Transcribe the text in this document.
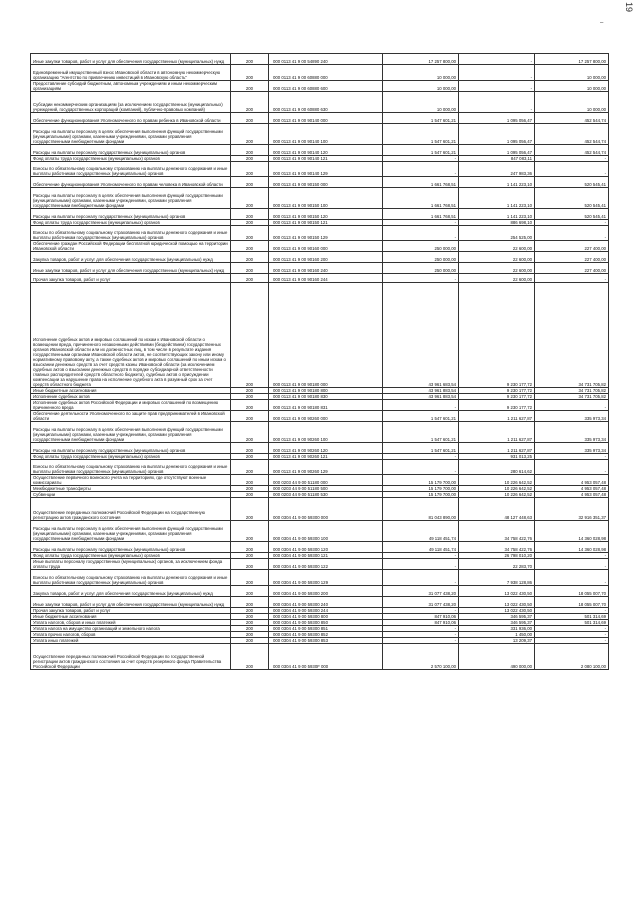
–
19
Иные закупки товаров, работ и услуг для обеспечения государственных (муниципальных) нужд	200	000 0113 41 9 00 54890 240	17 257 800,00	-	17 257 800,00
Единовременный имущественный взнос Ивановской области в автономную некоммерческую организацию "Агентство по привлечению инвестиций в Ивановскую область"	200	000 0113 41 9 00 60880 000	10 000,00	-	10 000,00
Предоставление субсидий бюджетным, автономным учреждениям и иным некоммерческим организациям	200	000 0113 41 9 00 60880 600	10 000,00	-	10 000,00
Субсидии некоммерческим организациям (за исключением государственных (муниципальных) учреждений, государственных корпораций (компаний), публично-правовых компаний)	200	000 0113 41 9 00 60880 630	10 000,00	-	10 000,00
Обеспечение функционирования Уполномоченного по правам ребенка в Ивановской области	200	000 0113 41 9 00 90140 000	1 547 601,21	1 095 056,47	452 544,74
Расходы на выплаты персоналу в целях обеспечения выполнения функций государственными (муниципальными) органами, казенными учреждениями, органами управления государственными внебюджетными фондами	200	000 0113 41 9 00 90140 100	1 547 601,21	1 095 056,47	452 544,74
Расходы на выплаты персоналу государственных (муниципальных) органов	200	000 0113 41 9 00 90140 120	1 547 601,21	1 095 056,47	452 544,74
Фонд оплаты труда государственных (муниципальных) органов	200	000 0113 41 9 00 90140 121	-	847 083,11	-
Взносы по обязательному социальному страхованию на выплаты денежного содержания и иные выплаты работникам государственных (муниципальных) органов	200	000 0113 41 9 00 90140 129	-	247 983,36	-
Обеспечение функционирования Уполномоченного по правам человека в Ивановской области	200	000 0113 41 9 00 90150 000	1 661 768,51	1 141 223,10	520 545,41
Расходы на выплаты персоналу в целях обеспечения выполнения функций государственными (муниципальными) органами, казенными учреждениями, органами управления государственными внебюджетными фондами	200	000 0113 41 9 00 90150 100	1 661 768,51	1 141 223,10	520 545,41
Расходы на выплаты персоналу государственных (муниципальных) органов	200	000 0113 41 9 00 90150 120	1 661 768,51	1 141 223,10	520 545,41
Фонд оплаты труда государственных (муниципальных) органов	200	000 0113 41 9 00 90150 121	-	886 698,10	-
Взносы по обязательному социальному страхованию на выплаты денежного содержания и иные выплаты работникам государственных (муниципальных) органов	200	000 0113 41 9 00 90150 129	-	254 525,00	-
Обеспечение граждан Российской Федерации бесплатной юридической помощью на территории Ивановской области	200	000 0113 41 9 00 90160 000	250 000,00	22 600,00	227 400,00
Закупка товаров, работ и услуг для обеспечения государственных (муниципальных) нужд	200	000 0113 41 9 00 90160 200	250 000,00	22 600,00	227 400,00
Иные закупки товаров, работ и услуг для обеспечения государственных (муниципальных) нужд	200	000 0113 41 9 00 90160 240	250 000,00	22 600,00	227 400,00
Прочая закупка товаров, работ и услуг	200	000 0113 41 9 00 90160 244	-	22 600,00	-
Исполнение судебных актов и мировых соглашений по искам к Ивановской области о возмещении вреда, причиненного незаконными действиями (бездействием) государственных органов Ивановской области или их должностных лиц, в том числе в результате издания государственными органами Ивановской области актов, не соответствующих закону или иному нормативному правовому акту, а также судебных актов и мировых соглашений по иным искам о взыскании денежных средств за счет средств казны Ивановской области (за исключением судебных актов о взыскании денежных средств в порядке субсидиарной ответственности главных распорядителей средств областного бюджета), судебных актов о присуждении компенсации за нарушение права на исполнение судебного акта в разумный срок за счет средств областного бюджета	200	000 0113 41 9 00 90180 000	43 961 683,54	9 230 177,72	34 731 705,82
Иные бюджетные ассигнования	200	000 0113 41 9 00 90180 800	43 961 883,54	9 230 177,72	34 731 705,82
Исполнение судебных актов	200	000 0113 41 9 00 90180 830	43 961 883,54	9 230 177,72	34 731 705,82
Исполнение судебных актов Российской Федерации и мировых соглашений по возмещению причиненного вреда	200	000 0113 41 9 00 90180 831	-	9 230 177,72	-
Обеспечение деятельности Уполномоченного по защите прав предпринимателей в Ивановской области	200	000 0113 41 9 00 90260 000	1 547 601,21	1 211 627,87	335 973,34
Расходы на выплаты персоналу в целях обеспечения выполнения функций государственными (муниципальными) органами, казенными учреждениями, органами управления государственными внебюджетными фондами	200	000 0113 41 9 00 90260 100	1 547 601,21	1 211 627,87	335 973,34
Расходы на выплаты персоналу государственных (муниципальных) органов	200	000 0113 41 9 00 90260 120	1 547 601,21	1 211 627,87	335 973,34
Фонд оплаты труда государственных (муниципальных) органов	200	000 0113 41 9 00 90260 121	-	931 013,25	-
Взносы по обязательному социальному страхованию на выплаты денежного содержания и иные выплаты работникам государственных (муниципальных) органов	200	000 0113 41 9 00 90260 129	-	280 614,62	-
Осуществление первичного воинского учета на территориях, где отсутствуют военные комиссариаты	200	000 0203 44 9 00 51180 000	15 179 700,00	10 226 642,52	4 953 057,48
Межбюджетные трансферты	200	000 0203 44 9 00 51180 500	15 179 700,00	10 226 642,52	4 953 057,48
Субвенции	200	000 0203 44 9 00 51180 530	15 179 700,00	10 226 642,52	4 953 057,48
Осуществление переданных полномочий Российской Федерации на государственную регистрацию актов гражданского состояния	200	000 0304 41 9 00 59300 000	81 043 890,00	48 127 448,63	32 916 351,37
Расходы на выплаты персоналу в целях обеспечения выполнения функций государственными (муниципальными) органами, казенными учреждениями, органами управления государственными внебюджетными фондами	200	000 0304 41 9 00 59300 100	49 118 451,74	34 758 422,76	14 360 028,98
Расходы на выплаты персоналу государственных (муниципальных) органов	200	000 0304 41 9 00 59300 120	49 118 451,74	34 758 422,76	14 360 028,98
Фонд оплаты труда государственных (муниципальных) органов	200	000 0304 41 9 00 59300 121	-	26 798 010,20	-
Иные выплаты персоналу государственных (муниципальных) органов, за исключением фонда оплаты труда	200	000 0304 41 9 00 59300 122	-	22 283,70	-
Взносы по обязательному социальному страхованию на выплаты денежного содержания и иные выплаты работникам государственных (муниципальных) органов	200	000 0304 41 9 00 59300 129	-	7 938 128,86	-
Закупка товаров, работ и услуг для обеспечения государственных (муниципальных) нужд	200	000 0304 41 9 00 59300 200	31 077 438,20	13 022 430,50	18 055 007,70
Иные закупки товаров, работ и услуг для обеспечения государственных (муниципальных) нужд	200	000 0304 41 9 00 59300 240	31 077 438,20	13 022 430,50	18 055 007,70
Прочая закупка товаров, работ и услуг	200	000 0304 41 9 00 59300 244	-	13 022 430,50	-
Иные бюджетные ассигнования	200	000 0304 41 9 00 59300 800	847 910,06	346 595,37	501 314,69
Уплата налогов, сборов и иных платежей	200	000 0304 41 9 00 59300 850	847 910,06	346 595,37	501 314,69
Уплата налога на имущество организаций и земельного налога	200	000 0304 41 9 00 59300 851	-	331 936,00	-
Уплата прочих налогов, сборов	200	000 0304 41 9 00 59300 852	-	1 450,00	-
Уплата иных платежей	200	000 0304 41 9 00 59300 853	-	13 209,37	-
Осуществление переданных полномочий Российской Федерации по государственной регистрации актов гражданского состояния за счет средств резервного фонда Правительства Российской Федерации	200	000 0304 41 9 00 5930F 000	2 570 100,00	490 000,00	2 080 100,00
